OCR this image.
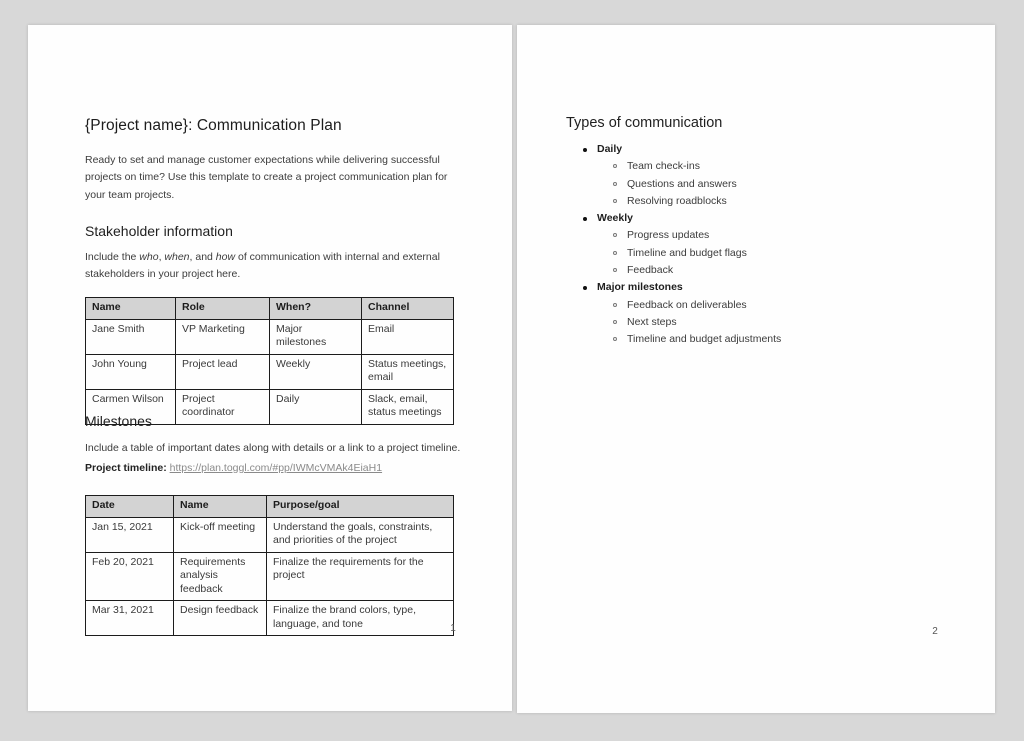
{Project name}: Communication Plan
Ready to set and manage customer expectations while delivering successful projects on time? Use this template to create a project communication plan for your team projects.
Stakeholder information
Include the who, when, and how of communication with internal and external stakeholders in your project here.
Name	Role	When?	Channel
Jane Smith	VP Marketing	Major milestones	Email
John Young	Project lead	Weekly	Status meetings, email
Carmen Wilson	Project coordinator	Daily	Slack, email, status meetings
Milestones
Include a table of important dates along with details or a link to a project timeline.
Project timeline: https://plan.toggl.com/#pp/IWMcVMAk4EiaH1
Date	Name	Purpose/goal
Jan 15, 2021	Kick-off meeting	Understand the goals, constraints, and priorities of the project
Feb 20, 2021	Requirements analysis feedback	Finalize the requirements for the project
Mar 31, 2021	Design feedback	Finalize the brand colors, type, language, and tone	1
Types of communication
Daily
Team check-ins
Questions and answers
Resolving roadblocks
Weekly
Progress updates
Timeline and budget flags
Feedback
Major milestones
Feedback on deliverables
Next steps
Timeline and budget adjustments
2
